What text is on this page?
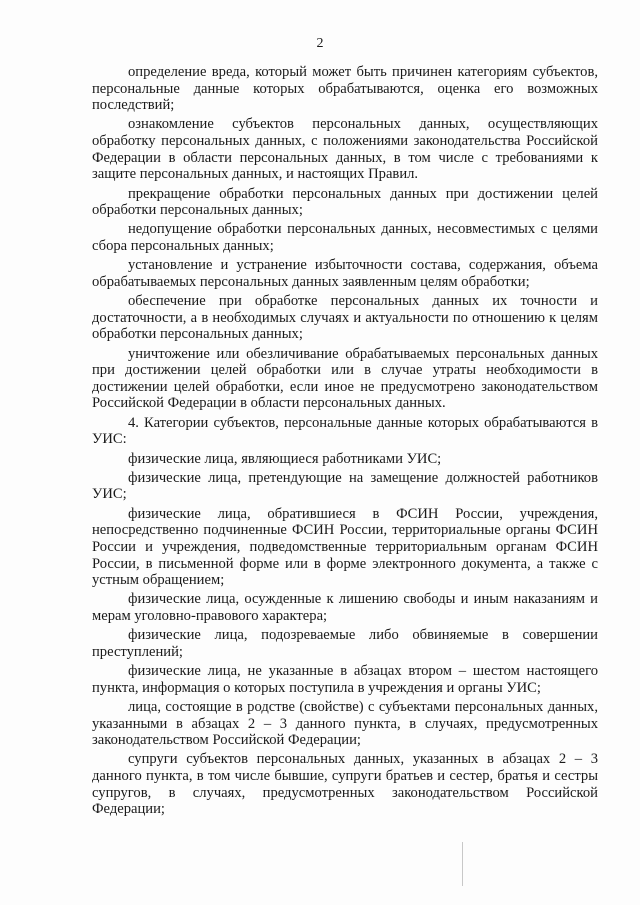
2

определение вреда, который может быть причинен категориям субъектов, персональные данные которых обрабатываются, оценка его возможных последствий;

ознакомление субъектов персональных данных, осуществляющих обработку персональных данных, с положениями законодательства Российской Федерации в области персональных данных, в том числе с требованиями к защите персональных данных, и настоящих Правил.

прекращение обработки персональных данных при достижении целей обработки персональных данных;

недопущение обработки персональных данных, несовместимых с целями сбора персональных данных;

установление и устранение избыточности состава, содержания, объема обрабатываемых персональных данных заявленным целям обработки;

обеспечение при обработке персональных данных их точности и достаточности, а в необходимых случаях и актуальности по отношению к целям обработки персональных данных;

уничтожение или обезличивание обрабатываемых персональных данных при достижении целей обработки или в случае утраты необходимости в достижении целей обработки, если иное не предусмотрено законодательством Российской Федерации в области персональных данных.

4. Категории субъектов, персональные данные которых обрабатываются в УИС:

физические лица, являющиеся работниками УИС;

физические лица, претендующие на замещение должностей работников УИС;

физические лица, обратившиеся в ФСИН России, учреждения, непосредственно подчиненные ФСИН России, территориальные органы ФСИН России и учреждения, подведомственные территориальным органам ФСИН России, в письменной форме или в форме электронного документа, а также с устным обращением;

физические лица, осужденные к лишению свободы и иным наказаниям и мерам уголовно-правового характера;

физические лица, подозреваемые либо обвиняемые в совершении преступлений;

физические лица, не указанные в абзацах втором – шестом настоящего пункта, информация о которых поступила в учреждения и органы УИС;

лица, состоящие в родстве (свойстве) с субъектами персональных данных, указанными в абзацах 2 – 3 данного пункта, в случаях, предусмотренных законодательством Российской Федерации;

супруги субъектов персональных данных, указанных в абзацах 2 – 3 данного пункта, в том числе бывшие, супруги братьев и сестер, братья и сестры супругов, в случаях, предусмотренных законодательством Российской Федерации;
